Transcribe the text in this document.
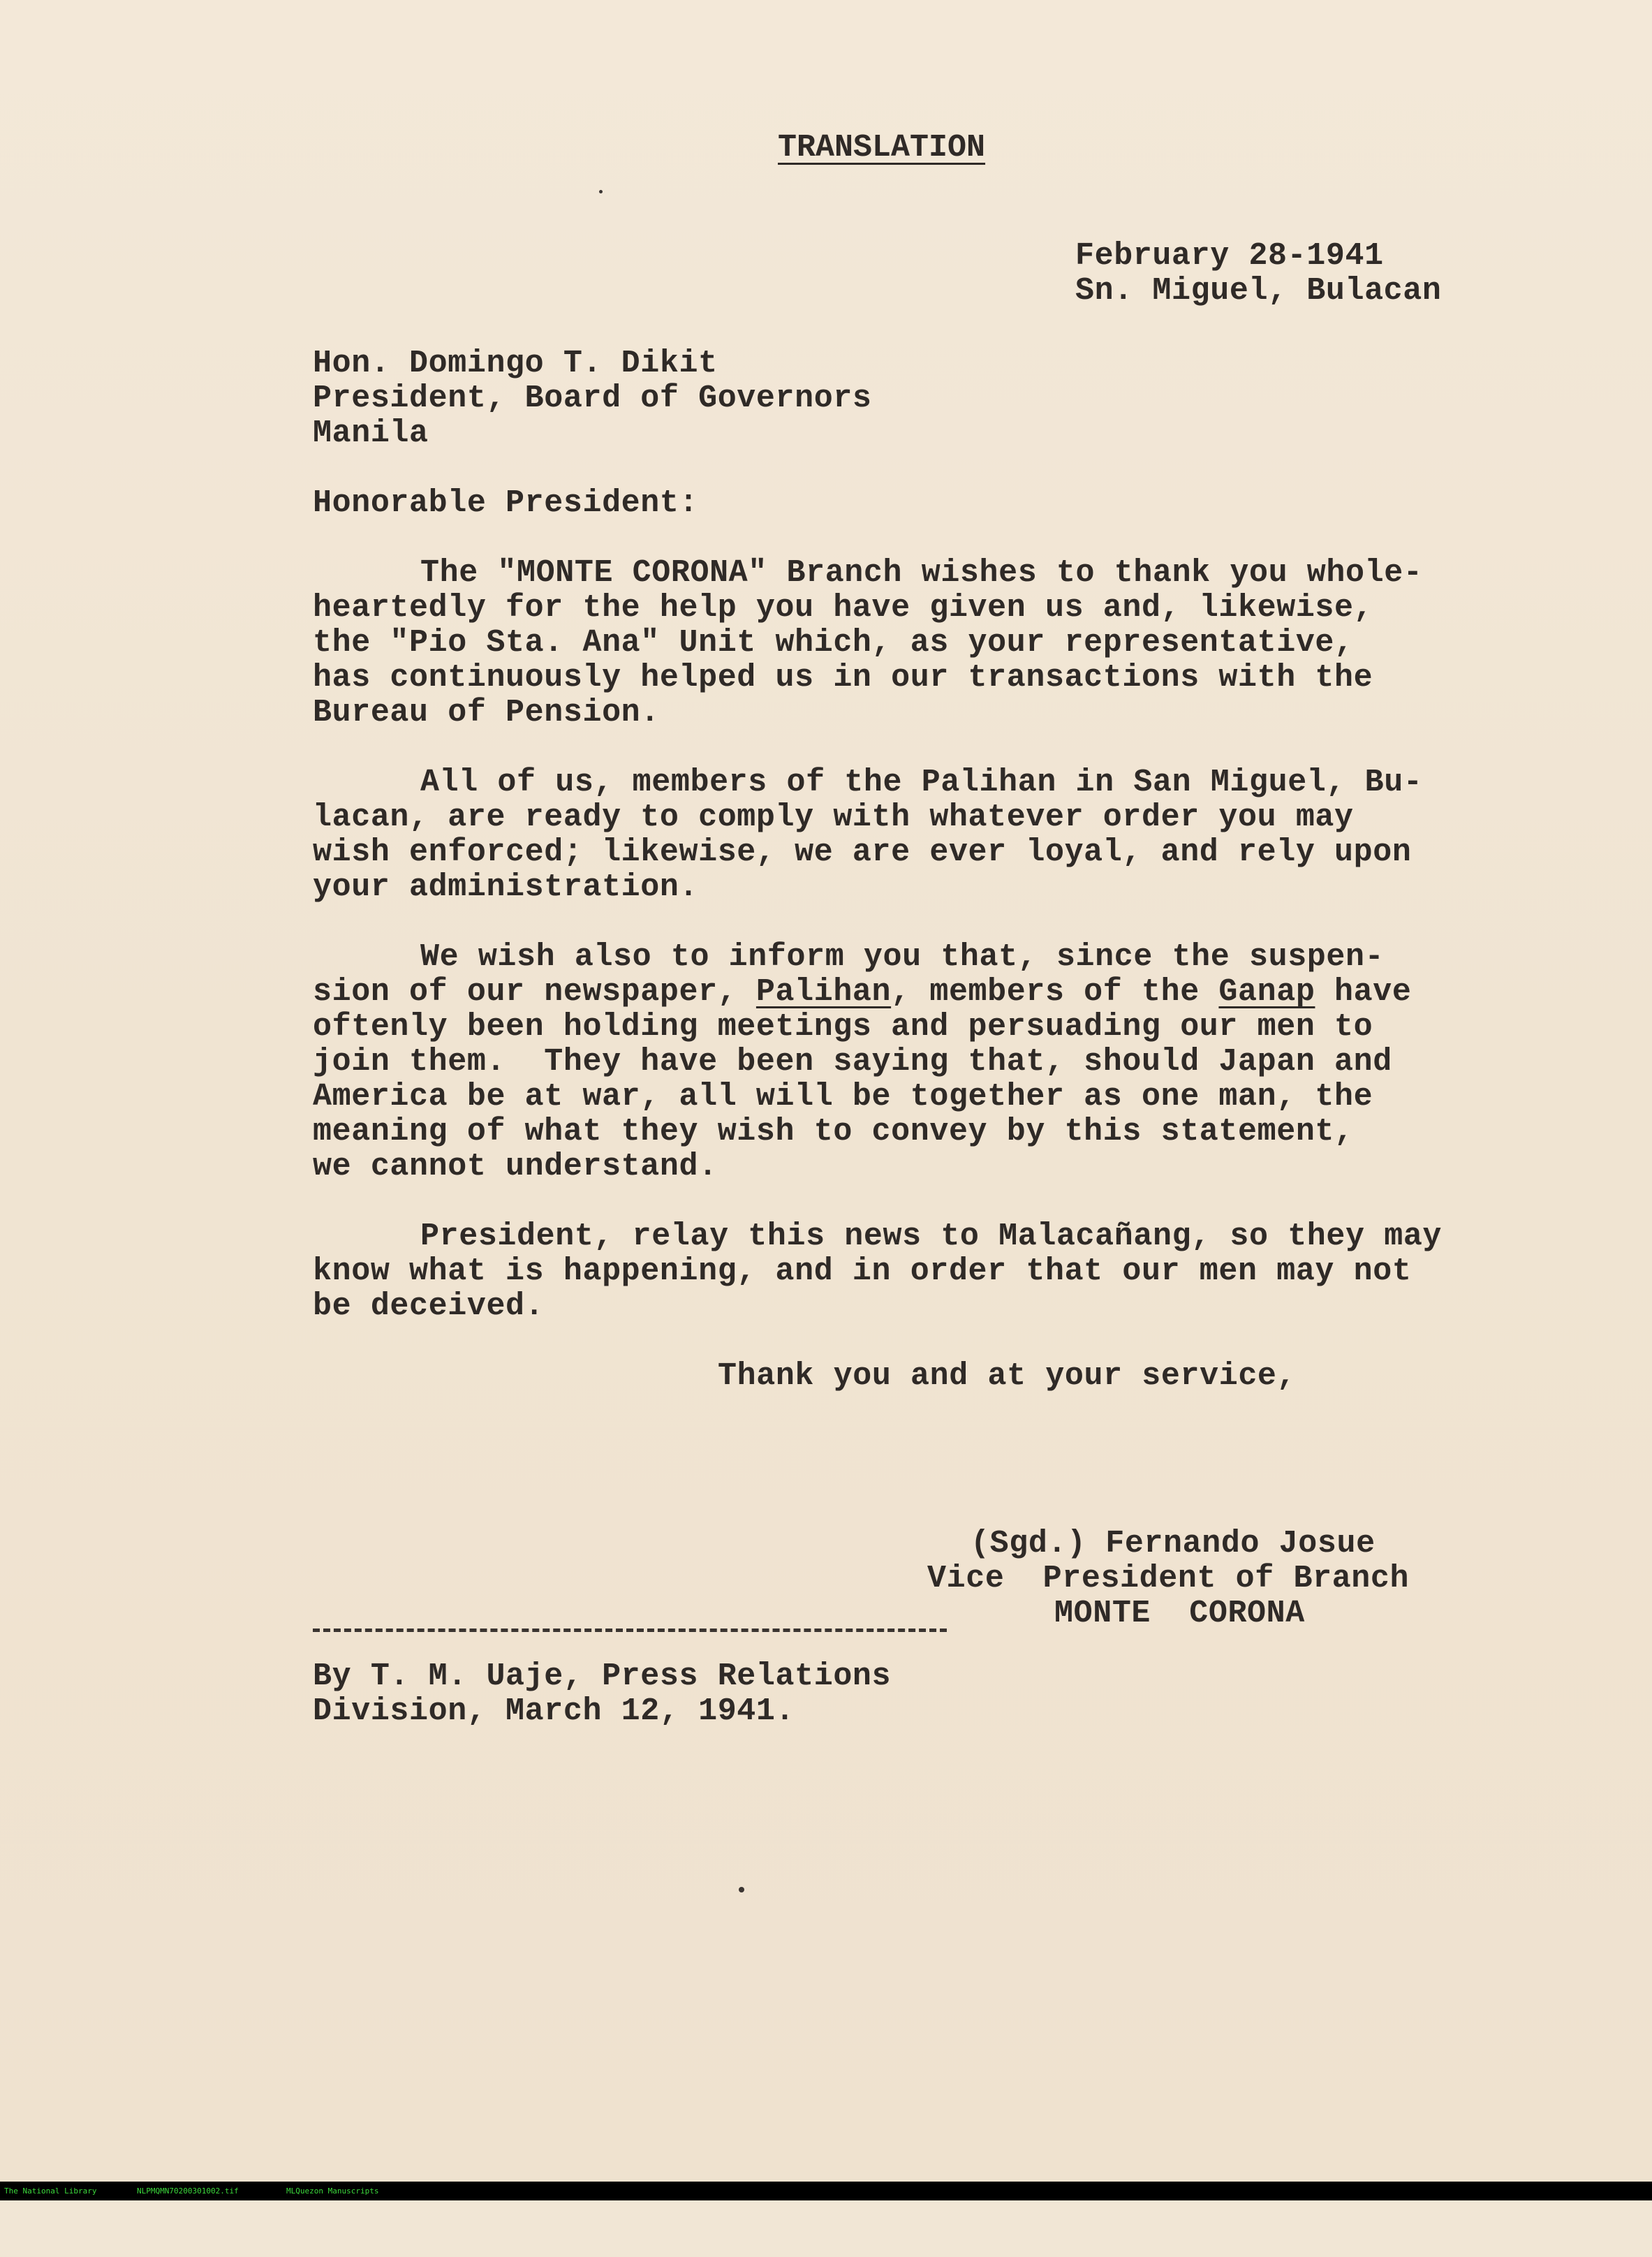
TRANSLATION
February 28-1941
Sn. Miguel, Bulacan
Hon. Domingo T. Dikit
President, Board of Governors
Manila
Honorable President:
The "MONTE CORONA" Branch wishes to thank you whole-
heartedly for the help you have given us and, likewise,
the "Pio Sta. Ana" Unit which, as your representative,
has continuously helped us in our transactions with the
Bureau of Pension.
All of us, members of the Palihan in San Miguel, Bu-
lacan, are ready to comply with whatever order you may
wish enforced; likewise, we are ever loyal, and rely upon
your administration.
We wish also to inform you that, since the suspen-
sion of our newspaper, Palihan, members of the Ganap have
oftenly been holding meetings and persuading our men to
join them.  They have been saying that, should Japan and
America be at war, all will be together as one man, the
meaning of what they wish to convey by this statement,
we cannot understand.
President, relay this news to Malacañang, so they may
know what is happening, and in order that our men may not
be deceived.
Thank you and at your service,
(Sgd.) Fernando Josue
Vice  President of Branch
MONTE  CORONA
By T. M. Uaje, Press Relations
Division, March 12, 1941.

The National Library

	NLPMQMN70200301002.tif

	MLQuezon Manuscripts
